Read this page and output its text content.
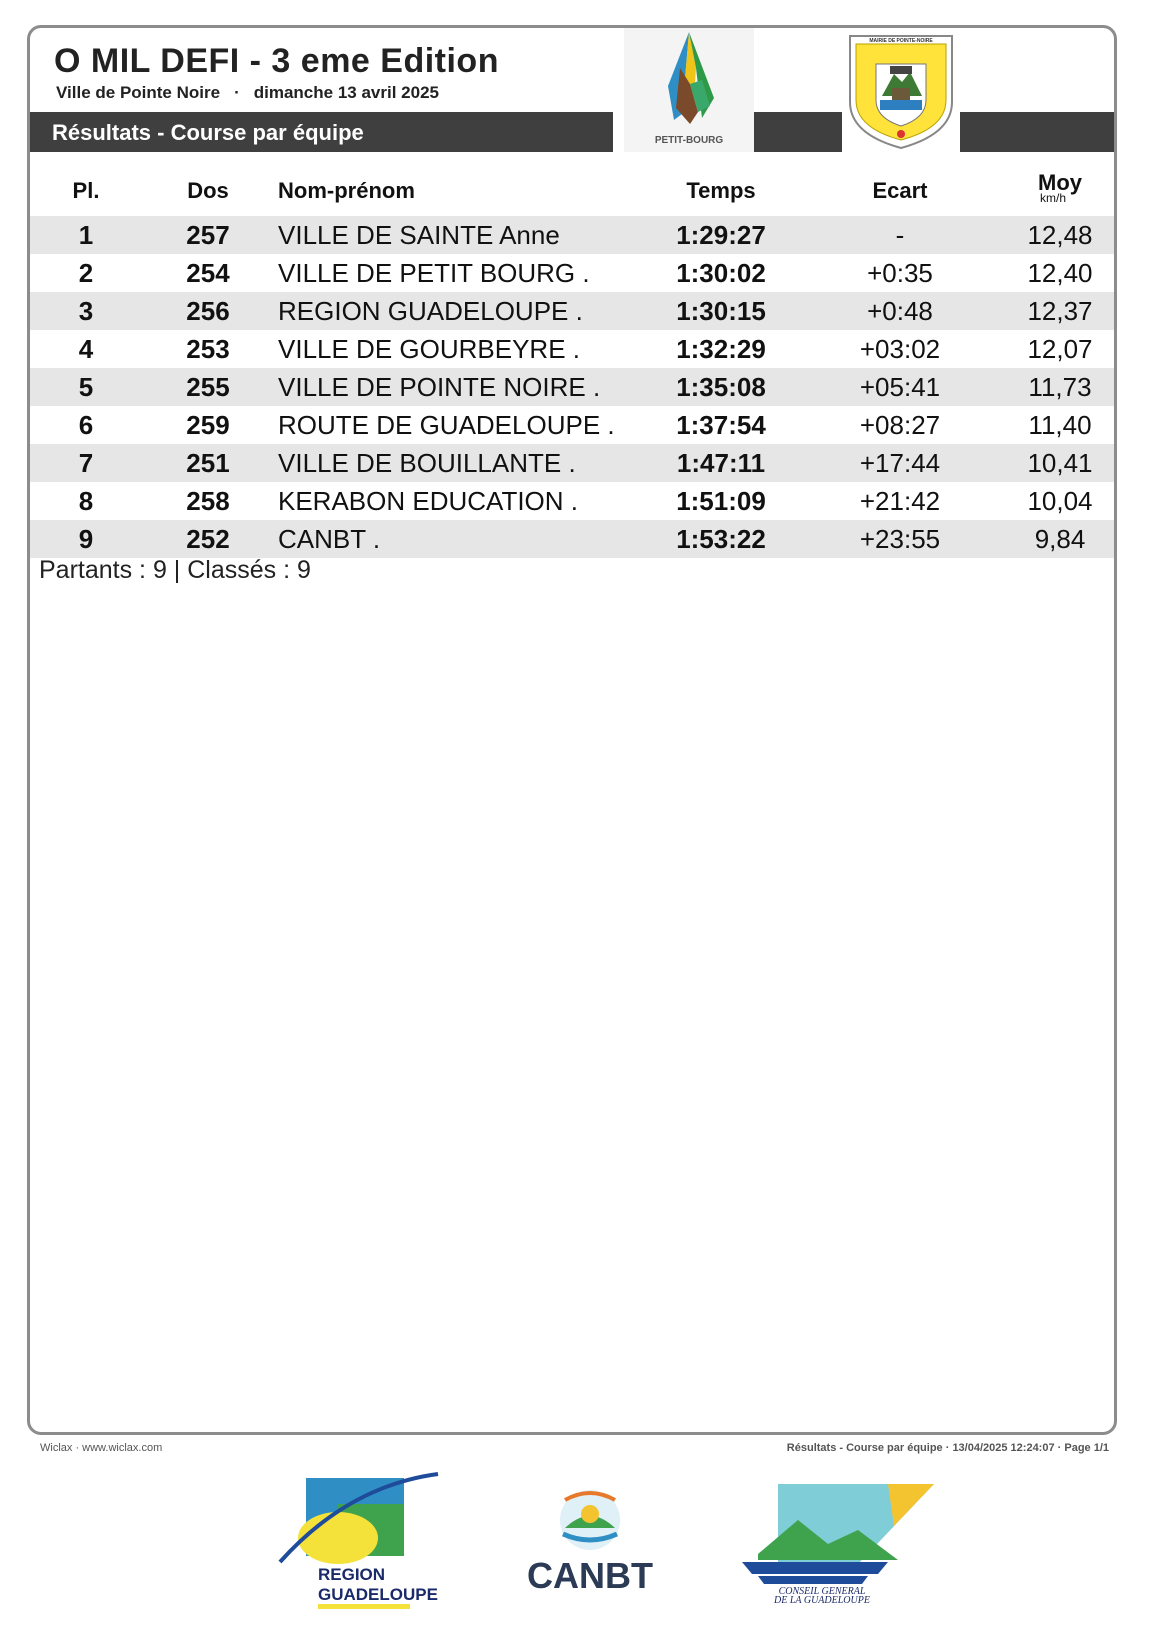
O MIL DEFI - 3 eme Edition
Ville de Pointe Noire · dimanche 13 avril 2025
Résultats - Course par équipe	PETIT-BOURG
MAIRIE DE POINTE-NOIRE
Pl.	Dos	Nom-prénom	Temps	Ecart	Moy
km/h
1	257	VILLE DE SAINTE Anne	1:29:27	-	12,48
2	254	VILLE DE PETIT BOURG .	1:30:02	+0:35	12,40
3	256	REGION GUADELOUPE .	1:30:15	+0:48	12,37
4	253	VILLE DE GOURBEYRE .	1:32:29	+03:02	12,07
5	255	VILLE DE POINTE NOIRE .	1:35:08	+05:41	11,73
6	259	ROUTE DE GUADELOUPE .	1:37:54	+08:27	11,40
7	251	VILLE DE BOUILLANTE .	1:47:11	+17:44	10,41
8	258	KERABON EDUCATION .	1:51:09	+21:42	10,04
9	252	CANBT .	1:53:22	+23:55	9,84
Partants : 9 | Classés : 9
Wiclax · www.wiclax.com	Résultats - Course par équipe · 13/04/2025 12:24:07 · Page 1/1
REGION
GUADELOUPE CANBT	CONSEIL GENERAL
DE LA GUADELOUPE
